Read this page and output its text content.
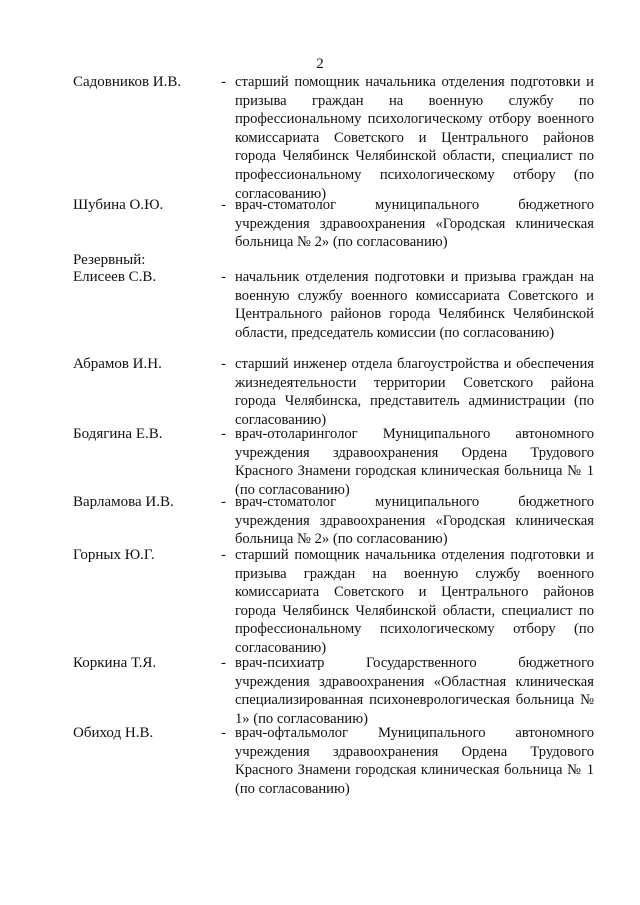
2
Садовников И.В.	- старший помощник начальника отделения подготовки и призыва граждан на военную службу по профессиональному психологическому отбору военного комиссариата Советского и Центрального районов города Челябинск Челябинской области, специалист по профессиональному психологическому отбору (по согласованию)
Шубина О.Ю.	- врач-стоматолог муниципального бюджетного учреждения здравоохранения «Городская клиническая больница № 2» (по согласованию)
Резервный:
Елисеев С.В.	- начальник отделения подготовки и призыва граждан на военную службу военного комиссариата Советского и Центрального районов города Челябинск Челябинской области, председатель комиссии (по согласованию)
Абрамов И.Н.	- старший инженер отдела благоустройства и обеспечения жизнедеятельности территории Советского района города Челябинска, представитель администрации (по согласованию)
Бодягина Е.В.	- врач-отоларинголог Муниципального автономного учреждения здравоохранения Ордена Трудового Красного Знамени городская клиническая больница № 1 (по согласованию)
Варламова И.В.	- врач-стоматолог муниципального бюджетного учреждения здравоохранения «Городская клиническая больница № 2» (по согласованию)
Горных Ю.Г.	- старший помощник начальника отделения подготовки и призыва граждан на военную службу военного комиссариата Советского и Центрального районов города Челябинск Челябинской области, специалист по профессиональному психологическому отбору (по согласованию)
Коркина Т.Я.	- врач-психиатр Государственного бюджетного учреждения здравоохранения «Областная клиническая специализированная психоневрологическая больница № 1» (по согласованию)
Обиход Н.В.	- врач-офтальмолог Муниципального автономного учреждения здравоохранения Ордена Трудового Красного Знамени городская клиническая больница № 1 (по согласованию)
